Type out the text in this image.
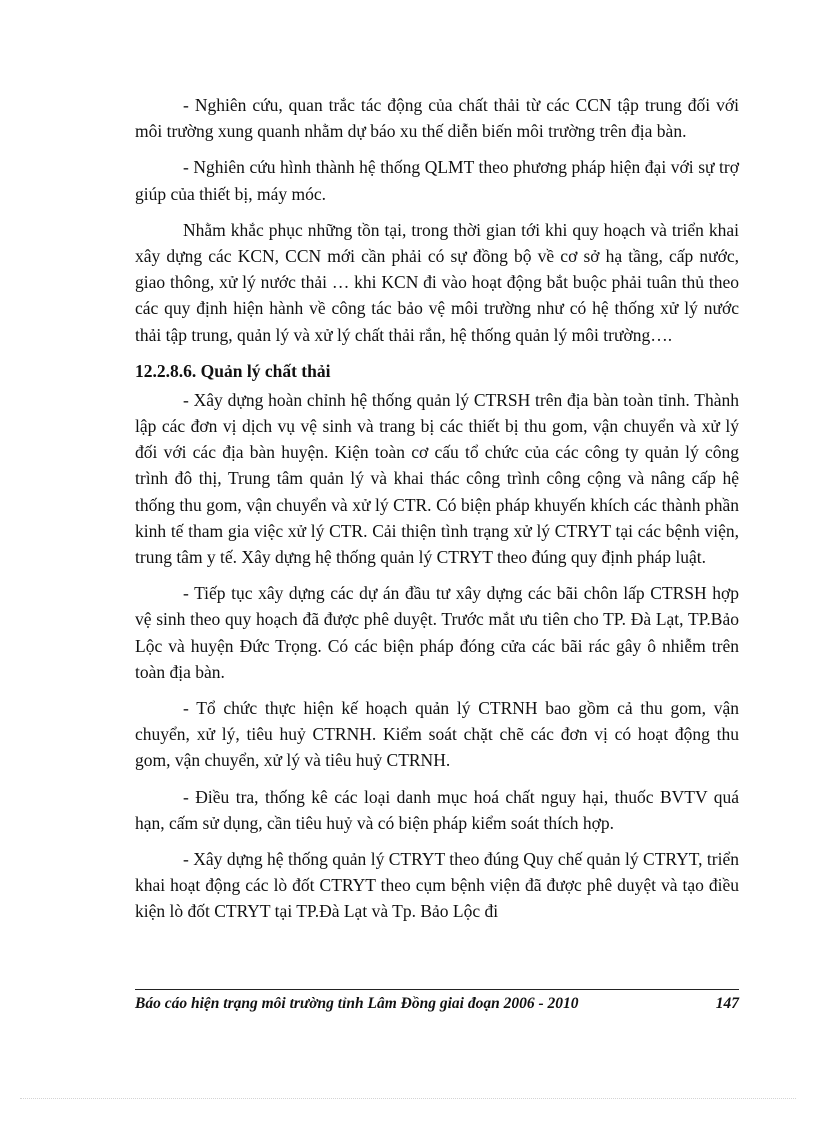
- Nghiên cứu, quan trắc tác động của chất thải từ các CCN tập trung đối với môi trường xung quanh nhằm dự báo xu thế diễn biến môi trường trên địa bàn.

- Nghiên cứu hình thành hệ thống QLMT theo phương pháp hiện đại với sự trợ giúp của thiết bị, máy móc.

Nhằm khắc phục những tồn tại, trong thời gian tới khi quy hoạch và triển khai xây dựng các KCN, CCN mới cần phải có sự đồng bộ về cơ sở hạ tầng, cấp nước, giao thông, xử lý nước thải … khi KCN đi vào hoạt động bắt buộc phải tuân thủ theo các quy định hiện hành về công tác bảo vệ môi trường như có hệ thống xử lý nước thải tập trung, quản lý và xử lý chất thải rắn, hệ thống quản lý môi trường….

12.2.8.6. Quản lý chất thải

- Xây dựng hoàn chỉnh hệ thống quản lý CTRSH trên địa bàn toàn tỉnh. Thành lập các đơn vị dịch vụ vệ sinh và trang bị các thiết bị thu gom, vận chuyển và xử lý đối với các địa bàn huyện. Kiện toàn cơ cấu tổ chức của các công ty quản lý công trình đô thị, Trung tâm quản lý và khai thác công trình công cộng và nâng cấp hệ thống thu gom, vận chuyển và xử lý CTR. Có biện pháp khuyến khích các thành phần kinh tế tham gia việc xử lý CTR. Cải thiện tình trạng xử lý CTRYT tại các bệnh viện, trung tâm y tế. Xây dựng hệ thống quản lý CTRYT theo đúng quy định pháp luật.

- Tiếp tục xây dựng các dự án đầu tư xây dựng các bãi chôn lấp CTRSH hợp vệ sinh theo quy hoạch đã được phê duyệt. Trước mắt ưu tiên cho TP. Đà Lạt, TP.Bảo Lộc và huyện Đức Trọng. Có các biện pháp đóng cửa các bãi rác gây ô nhiễm trên toàn địa bàn.

- Tổ chức thực hiện kế hoạch quản lý CTRNH bao gồm cả thu gom, vận chuyển, xử lý, tiêu huỷ CTRNH. Kiểm soát chặt chẽ các đơn vị có hoạt động thu gom, vận chuyển, xử lý và tiêu huỷ CTRNH.

- Điều tra, thống kê các loại danh mục hoá chất nguy hại, thuốc BVTV quá hạn, cấm sử dụng, cần tiêu huỷ và có biện pháp kiểm soát thích hợp.

- Xây dựng hệ thống quản lý CTRYT theo đúng Quy chế quản lý CTRYT, triển khai hoạt động các lò đốt CTRYT theo cụm bệnh viện đã được phê duyệt và tạo điều kiện lò đốt CTRYT tại TP.Đà Lạt và Tp. Bảo Lộc đi

Báo cáo hiện trạng môi trường tỉnh Lâm Đồng giai đoạn 2006 - 2010	147
